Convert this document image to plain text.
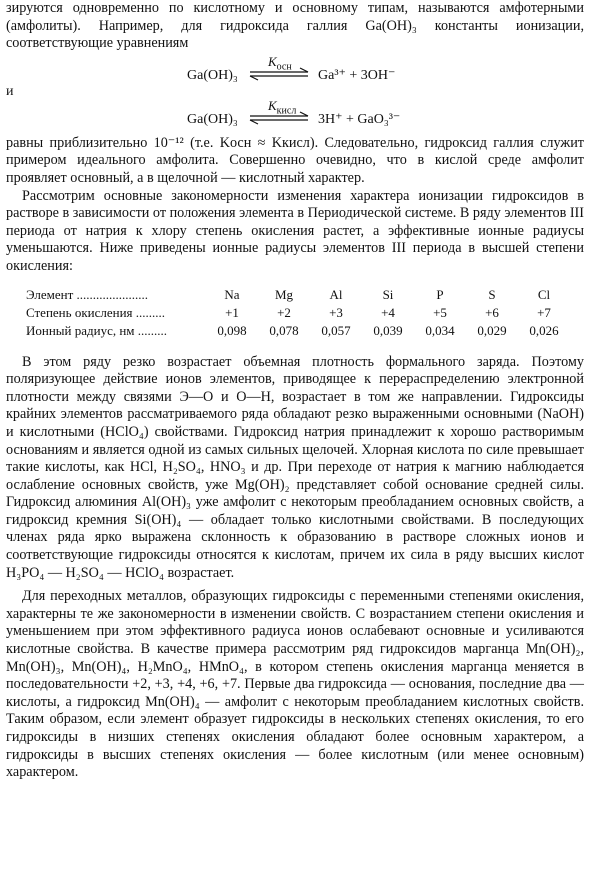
зируются одновременно по кислотному и основному типам, называются амфотерными (амфолиты). Например, для гидроксида галлия Ga(OH)₃ константы ионизации, соответствующие уравнениям

Ga(OH)₃
$K_{осн}$
Ga³⁺ + 3OH⁻
и
Ga(OH)₃
$K_{кисл}$
3H⁺ + GaO₃³⁻

равны приблизительно 10⁻¹² (т.е. Kосн ≈ Kкисл). Следовательно, гидроксид галлия служит примером идеального амфолита. Совершенно очевидно, что в кислой среде амфолит проявляет основный, а в щелочной — кислотный характер.

Рассмотрим основные закономерности изменения характера ионизации гидроксидов в растворе в зависимости от положения элемента в Периодической системе. В ряду элементов III периода от натрия к хлору степень окисления растет, а эффективные ионные радиусы уменьшаются. Ниже приведены ионные радиусы элементов III периода в высшей степени окисления:

Элемент ......................	Na	Mg	Al	Si	P	S	Cl
Степень окисления .........	+1	+2	+3	+4	+5	+6	+7
Ионный радиус, нм .........	0,098	0,078	0,057	0,039	0,034	0,029	0,026

В этом ряду резко возрастает объемная плотность формального заряда. Поэтому поляризующее действие ионов элементов, приводящее к перераспределению электронной плотности между связями Э—О и О—Н, возрастает в том же направлении. Гидроксиды крайних элементов рассматриваемого ряда обладают резко выраженными основными (NaOH) и кислотными (HClO₄) свойствами. Гидроксид натрия принадлежит к хорошо растворимым основаниям и является одной из самых сильных щелочей. Хлорная кислота по силе превышает такие кислоты, как HCl, H₂SO₄, HNO₃ и др. При переходе от натрия к магнию наблюдается ослабление основных свойств, уже Mg(OH)₂ представляет собой основание средней силы. Гидроксид алюминия Al(OH)₃ уже амфолит с некоторым преобладанием основных свойств, а гидроксид кремния Si(OH)₄ — обладает только кислотными свойствами. В последующих членах ряда ярко выражена склонность к образованию в растворе сложных ионов и соответствующие гидроксиды относятся к кислотам, причем их сила в ряду высших кислот H₃PO₄ — H₂SO₄ — HClO₄ возрастает.

Для переходных металлов, образующих гидроксиды с переменными степенями окисления, характерны те же закономерности в изменении свойств. С возрастанием степени окисления и уменьшением при этом эффективного радиуса ионов ослабевают основные и усиливаются кислотные свойства. В качестве примера рассмотрим ряд гидроксидов марганца Mn(OH)₂, Mn(OH)₃, Mn(OH)₄, H₂MnO₄, HMnO₄, в котором степень окисления марганца меняется в последовательности +2, +3, +4, +6, +7. Первые два гидроксида — основания, последние два — кислоты, а гидроксид Mn(OH)₄ — амфолит с некоторым преобладанием кислотных свойств. Таким образом, если элемент образует гидроксиды в нескольких степенях окисления, то его гидроксиды в низших степенях окисления обладают более основным характером, а гидроксиды в высших степенях окисления — более кислотным (или менее основным) характером.
